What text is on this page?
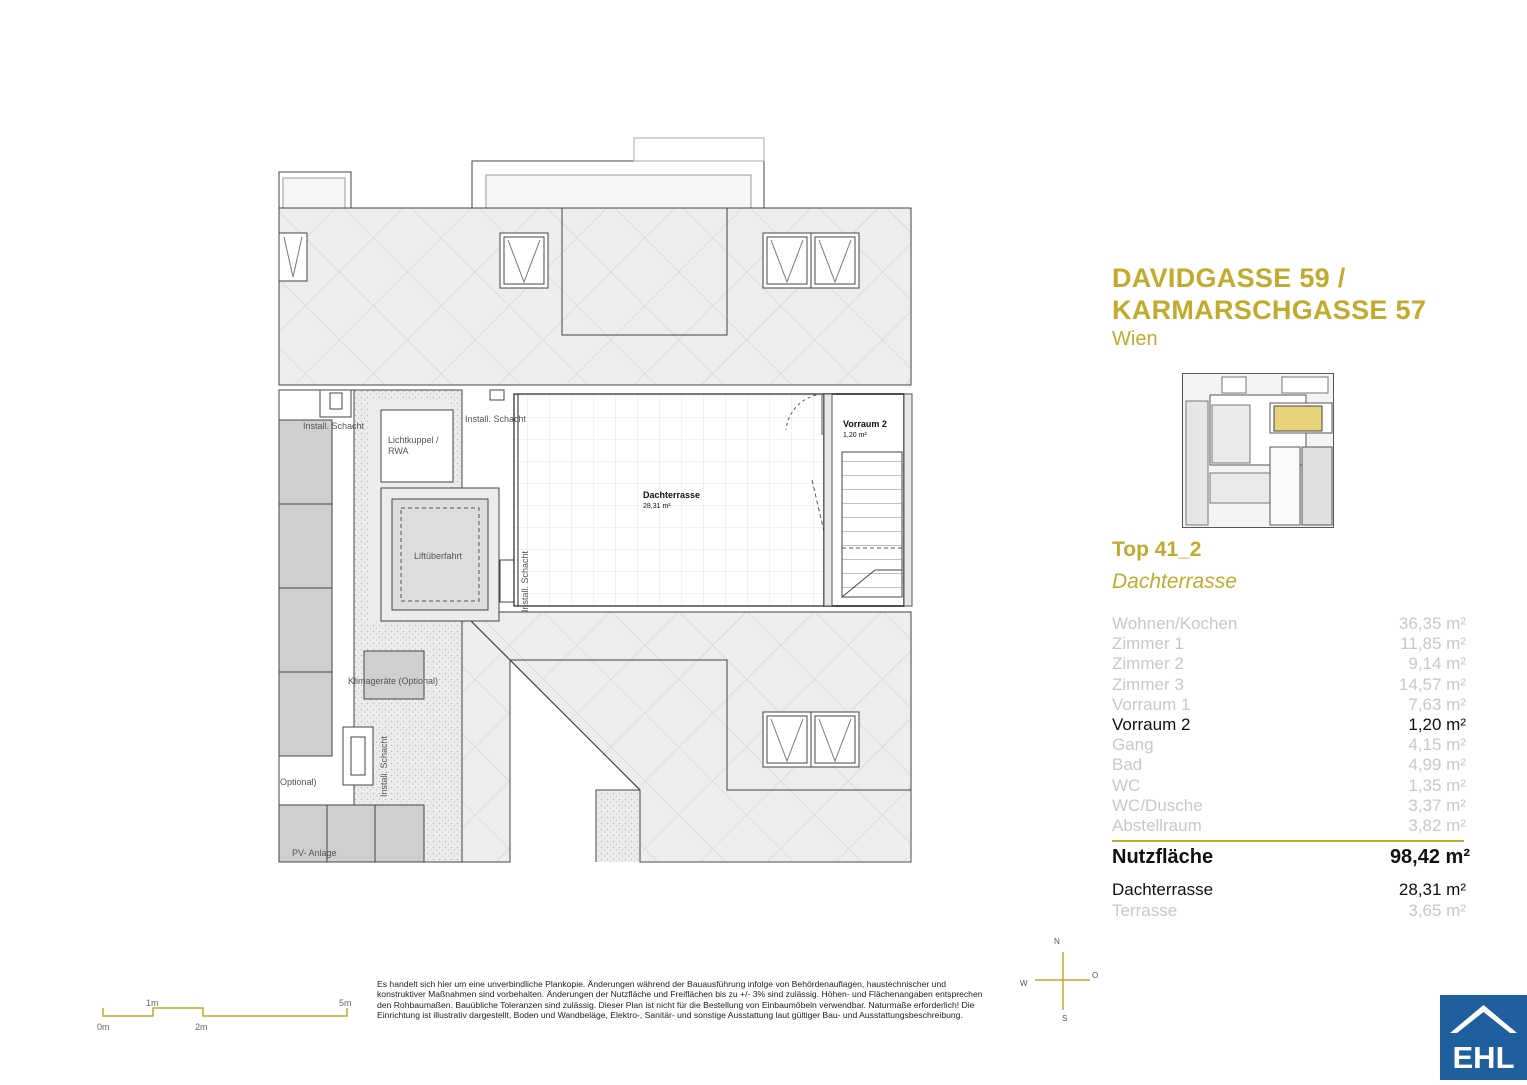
Dachterrasse
28,31 m²
Vorraum 2
1,20 m²
Install. Schacht
Install. Schacht
Install. Schacht
Install. Schacht
Lichtkuppel /
RWA
Liftüberfahrt
Klimageräte (Optional)
Optional)
PV- Anlage
0m
1m
2m
5m
N
S
W
O
DAVIDGASSE 59 /
KARMARSCHGASSE 57
Wien
Top 41_2
Dachterrasse
Wohnen/Kochen	36,35 m²
Zimmer 1	11,85 m²
Zimmer 2	9,14 m²
Zimmer 3	14,57 m²
Vorraum 1	7,63 m²
Vorraum 2	1,20 m²
Gang	4,15 m²
Bad	4,99 m²
WC	1,35 m²
WC/Dusche	3,37 m²
Abstellraum	3,82 m²
Nutzfläche	98,42 m²
Dachterrasse	28,31 m²
Terrasse	3,65 m²
Es handelt sich hier um eine unverbindliche Plankopie. Änderungen während der Bauausführung infolge von Behördenauflagen, haustechnischer und konstruktiver Maßnahmen sind vorbehalten. Änderungen der Nutzfläche und Freiflächen bis zu +/- 3% sind zulässig. Höhen- und Flächenangaben entsprechen den Rohbaumaßen. Bauübliche Toleranzen sind zulässig. Dieser Plan ist nicht für die Bestellung von Einbaumöbeln verwendbar. Naturmaße erforderlich! Die Einrichtung ist illustrativ dargestellt, Boden und Wandbeläge, Elektro-, Sanitär- und sonstige Ausstattung laut gültiger Bau- und Ausstattungsbeschreibung.
EHL
